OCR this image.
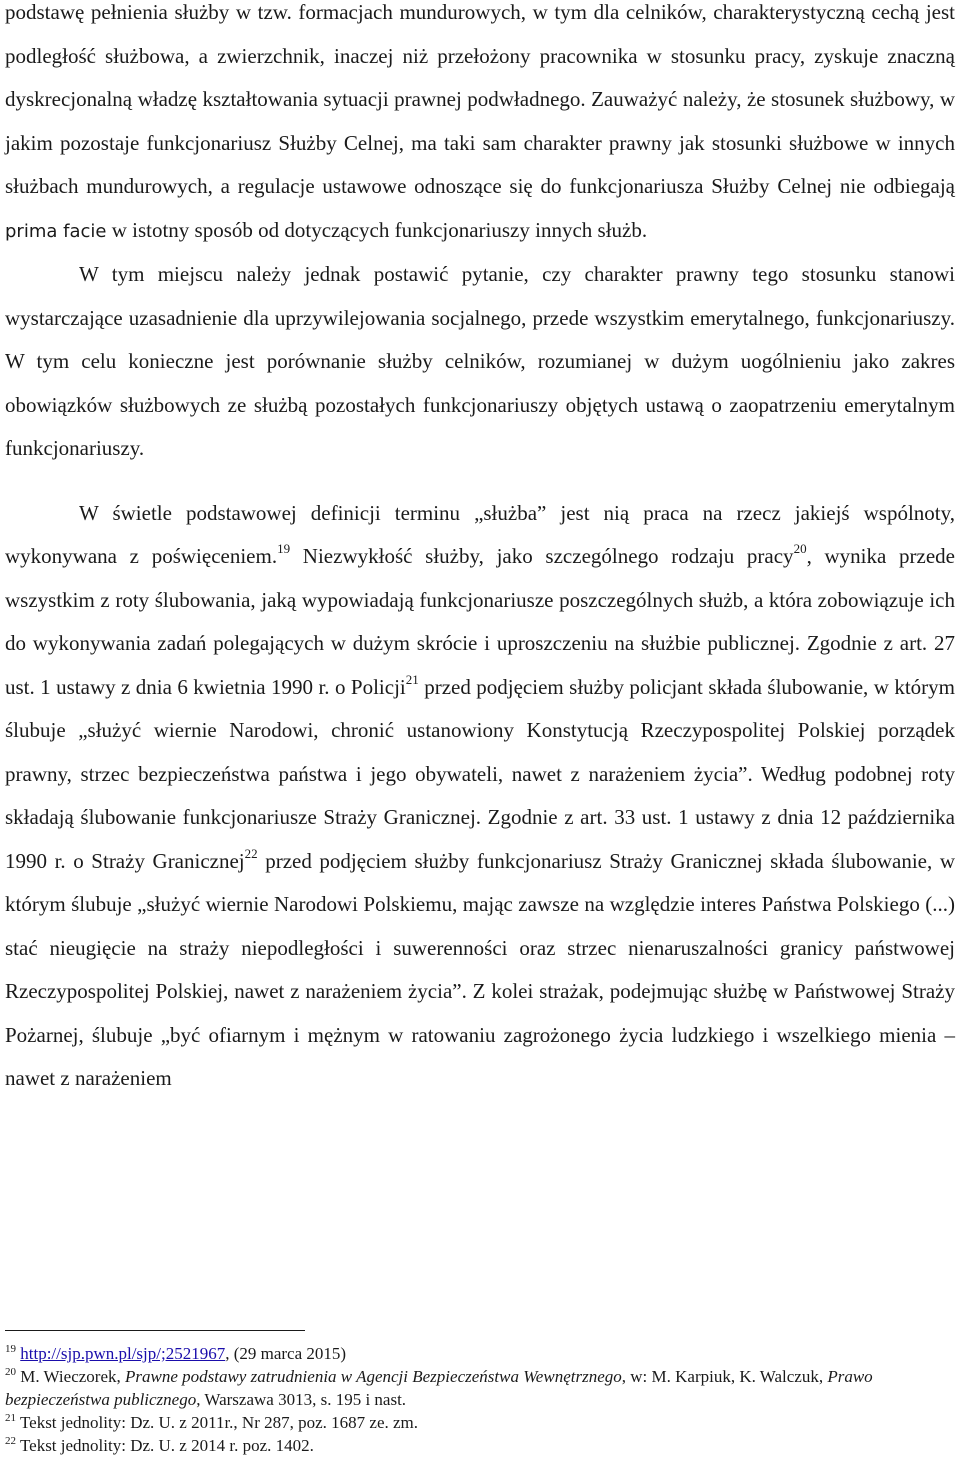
podstawę pełnienia służby w tzw. formacjach mundurowych, w tym dla celników, charakterystyczną cechą jest podległość służbowa, a zwierzchnik, inaczej niż przełożony pracownika w stosunku pracy, zyskuje znaczną dyskrecjonalną władzę kształtowania sytuacji prawnej podwładnego. Zauważyć należy, że stosunek służbowy, w jakim pozostaje funkcjonariusz Służby Celnej, ma taki sam charakter prawny jak stosunki służbowe w innych służbach mundurowych, a regulacje ustawowe odnoszące się do funkcjonariusza Służby Celnej nie odbiegają prima facie w istotny sposób od dotyczących funkcjonariuszy innych służb.

W tym miejscu należy jednak postawić pytanie, czy charakter prawny tego stosunku stanowi wystarczające uzasadnienie dla uprzywilejowania socjalnego, przede wszystkim emerytalnego, funkcjonariuszy. W tym celu konieczne jest porównanie służby celników, rozumianej w dużym uogólnieniu jako zakres obowiązków służbowych ze służbą pozostałych funkcjonariuszy objętych ustawą o zaopatrzeniu emerytalnym funkcjonariuszy.

W świetle podstawowej definicji terminu „służba” jest nią praca na rzecz jakiejś wspólnoty, wykonywana z poświęceniem.$^{19}$ Niezwykłość służby, jako szczególnego rodzaju pracy$^{20}$, wynika przede wszystkim z roty ślubowania, jaką wypowiadają funkcjonariusze poszczególnych służb, a która zobowiązuje ich do wykonywania zadań polegających w dużym skrócie i uproszczeniu na służbie publicznej. Zgodnie z art. 27 ust. 1 ustawy z dnia 6 kwietnia 1990 r. o Policji$^{21}$ przed podjęciem służby policjant składa ślubowanie, w którym ślubuje „służyć wiernie Narodowi, chronić ustanowiony Konstytucją Rzeczypospolitej Polskiej porządek prawny, strzec bezpieczeństwa państwa i jego obywateli, nawet z narażeniem życia”. Według podobnej roty składają ślubowanie funkcjonariusze Straży Granicznej. Zgodnie z art. 33 ust. 1 ustawy z dnia 12 października 1990 r. o Straży Granicznej$^{22}$ przed podjęciem służby funkcjonariusz Straży Granicznej składa ślubowanie, w którym ślubuje „służyć wiernie Narodowi Polskiemu, mając zawsze na względzie interes Państwa Polskiego (...) stać nieugięcie na straży niepodległości i suwerenności oraz strzec nienaruszalności granicy państwowej Rzeczypospolitej Polskiej, nawet z narażeniem życia”. Z kolei strażak, podejmując służbę w Państwowej Straży Pożarnej, ślubuje „być ofiarnym i mężnym w ratowaniu zagrożonego życia ludzkiego i wszelkiego mienia – nawet z narażeniem

$^{19}$ http://sjp.pwn.pl/sjp/;2521967, (29 marca 2015)

$^{20}$ M. Wieczorek, Prawne podstawy zatrudnienia w Agencji Bezpieczeństwa Wewnętrznego, w: M. Karpiuk, K. Walczuk, Prawo bezpieczeństwa publicznego, Warszawa 3013, s. 195 i nast.

$^{21}$ Tekst jednolity: Dz. U. z 2011r., Nr 287, poz. 1687 ze. zm.

$^{22}$ Tekst jednolity: Dz. U. z 2014 r. poz. 1402.
